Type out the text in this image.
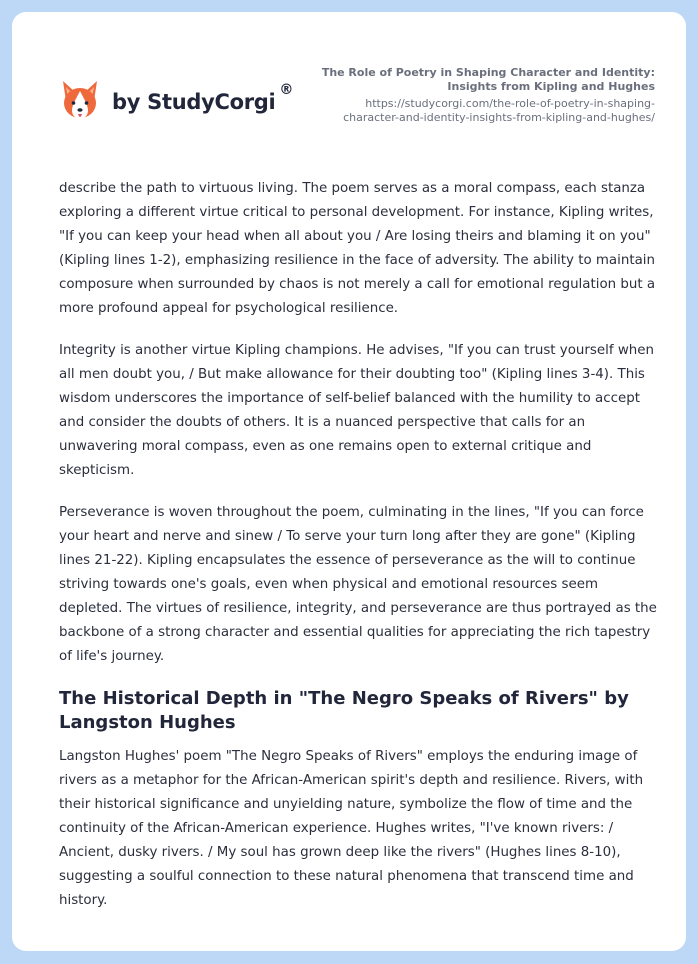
by StudyCorgi ®
The Role of Poetry in Shaping Character and Identity: Insights from Kipling and Hughes
https://studycorgi.com/the-role-of-poetry-in-shaping-character-and-identity-insights-from-kipling-and-hughes/

describe the path to virtuous living. The poem serves as a moral compass, each stanza exploring a different virtue critical to personal development. For instance, Kipling writes, "If you can keep your head when all about you / Are losing theirs and blaming it on you" (Kipling lines 1-2), emphasizing resilience in the face of adversity. The ability to maintain composure when surrounded by chaos is not merely a call for emotional regulation but a more profound appeal for psychological resilience.

Integrity is another virtue Kipling champions. He advises, "If you can trust yourself when all men doubt you, / But make allowance for their doubting too" (Kipling lines 3-4). This wisdom underscores the importance of self-belief balanced with the humility to accept and consider the doubts of others. It is a nuanced perspective that calls for an unwavering moral compass, even as one remains open to external critique and skepticism.

Perseverance is woven throughout the poem, culminating in the lines, "If you can force your heart and nerve and sinew / To serve your turn long after they are gone" (Kipling lines 21-22). Kipling encapsulates the essence of perseverance as the will to continue striving towards one's goals, even when physical and emotional resources seem depleted. The virtues of resilience, integrity, and perseverance are thus portrayed as the backbone of a strong character and essential qualities for appreciating the rich tapestry of life's journey.

The Historical Depth in "The Negro Speaks of Rivers" by Langston Hughes

Langston Hughes' poem "The Negro Speaks of Rivers" employs the enduring image of rivers as a metaphor for the African-American spirit's depth and resilience. Rivers, with their historical significance and unyielding nature, symbolize the flow of time and the continuity of the African-American experience. Hughes writes, "I've known rivers: / Ancient, dusky rivers. / My soul has grown deep like the rivers" (Hughes lines 8-10), suggesting a soulful connection to these natural phenomena that transcend time and history.
